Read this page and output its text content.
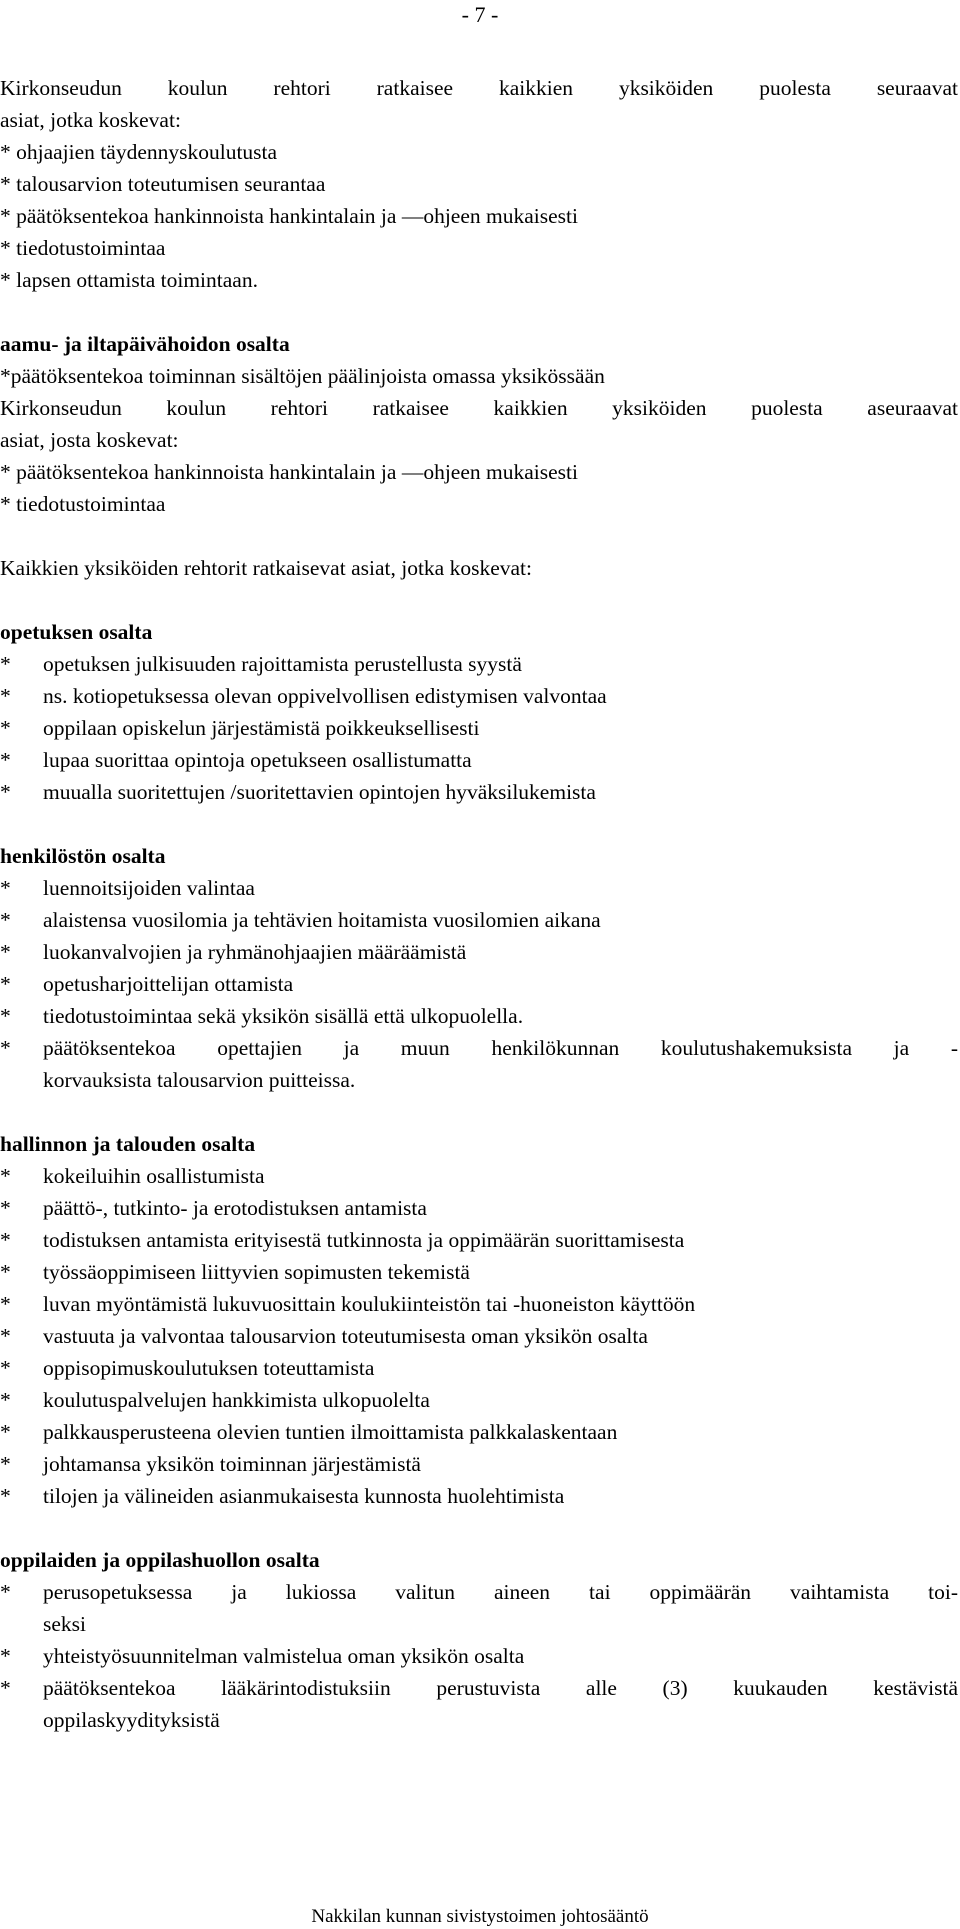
- 7 -
Kirkonseudun koulun rehtori ratkaisee kaikkien yksiköiden puolesta seuraavat
asiat, jotka koskevat:
* ohjaajien täydennyskoulutusta
* talousarvion toteutumisen seurantaa
* päätöksentekoa hankinnoista hankintalain ja —ohjeen mukaisesti
* tiedotustoimintaa
* lapsen ottamista toimintaan.
aamu- ja iltapäivähoidon osalta
*päätöksentekoa toiminnan sisältöjen päälinjoista omassa yksikössään
Kirkonseudun koulun rehtori ratkaisee kaikkien yksiköiden puolesta aseuraavat
asiat, josta koskevat:
* päätöksentekoa hankinnoista hankintalain ja —ohjeen mukaisesti
* tiedotustoimintaa
Kaikkien yksiköiden rehtorit ratkaisevat asiat, jotka koskevat:
opetuksen osalta
* opetuksen julkisuuden rajoittamista perustellusta syystä
* ns. kotiopetuksessa olevan oppivelvollisen edistymisen valvontaa
* oppilaan opiskelun järjestämistä poikkeuksellisesti
* lupaa suorittaa opintoja opetukseen osallistumatta
* muualla suoritettujen /suoritettavien opintojen hyväksilukemista
henkilöstön osalta
* luennoitsijoiden valintaa
* alaistensa vuosilomia ja tehtävien hoitamista vuosilomien aikana
* luokanvalvojien ja ryhmänohjaajien määräämistä
* opetusharjoittelijan ottamista
* tiedotustoimintaa sekä yksikön sisällä että ulkopuolella.
* päätöksentekoa opettajien ja muun henkilökunnan koulutushakemuksista ja -
korvauksista talousarvion puitteissa.
hallinnon ja talouden osalta
* kokeiluihin osallistumista
* päättö-, tutkinto- ja erotodistuksen antamista
* todistuksen antamista erityisestä tutkinnosta ja oppimäärän suorittamisesta
* työssäoppimiseen liittyvien sopimusten tekemistä
* luvan myöntämistä lukuvuosittain koulukiinteistön tai -huoneiston käyttöön
* vastuuta ja valvontaa talousarvion toteutumisesta oman yksikön osalta
* oppisopimuskoulutuksen toteuttamista
* koulutuspalvelujen hankkimista ulkopuolelta
* palkkausperusteena olevien tuntien ilmoittamista palkkalaskentaan
* johtamansa yksikön toiminnan järjestämistä
* tilojen ja välineiden asianmukaisesta kunnosta huolehtimista
oppilaiden ja oppilashuollon osalta
* perusopetuksessa ja lukiossa valitun aineen tai oppimäärän vaihtamista toi-
seksi
* yhteistyösuunnitelman valmistelua oman yksikön osalta
* päätöksentekoa lääkärintodistuksiin perustuvista alle (3) kuukauden kestävistä
oppilaskyydityksistä
Nakkilan kunnan sivistystoimen johtosääntö
